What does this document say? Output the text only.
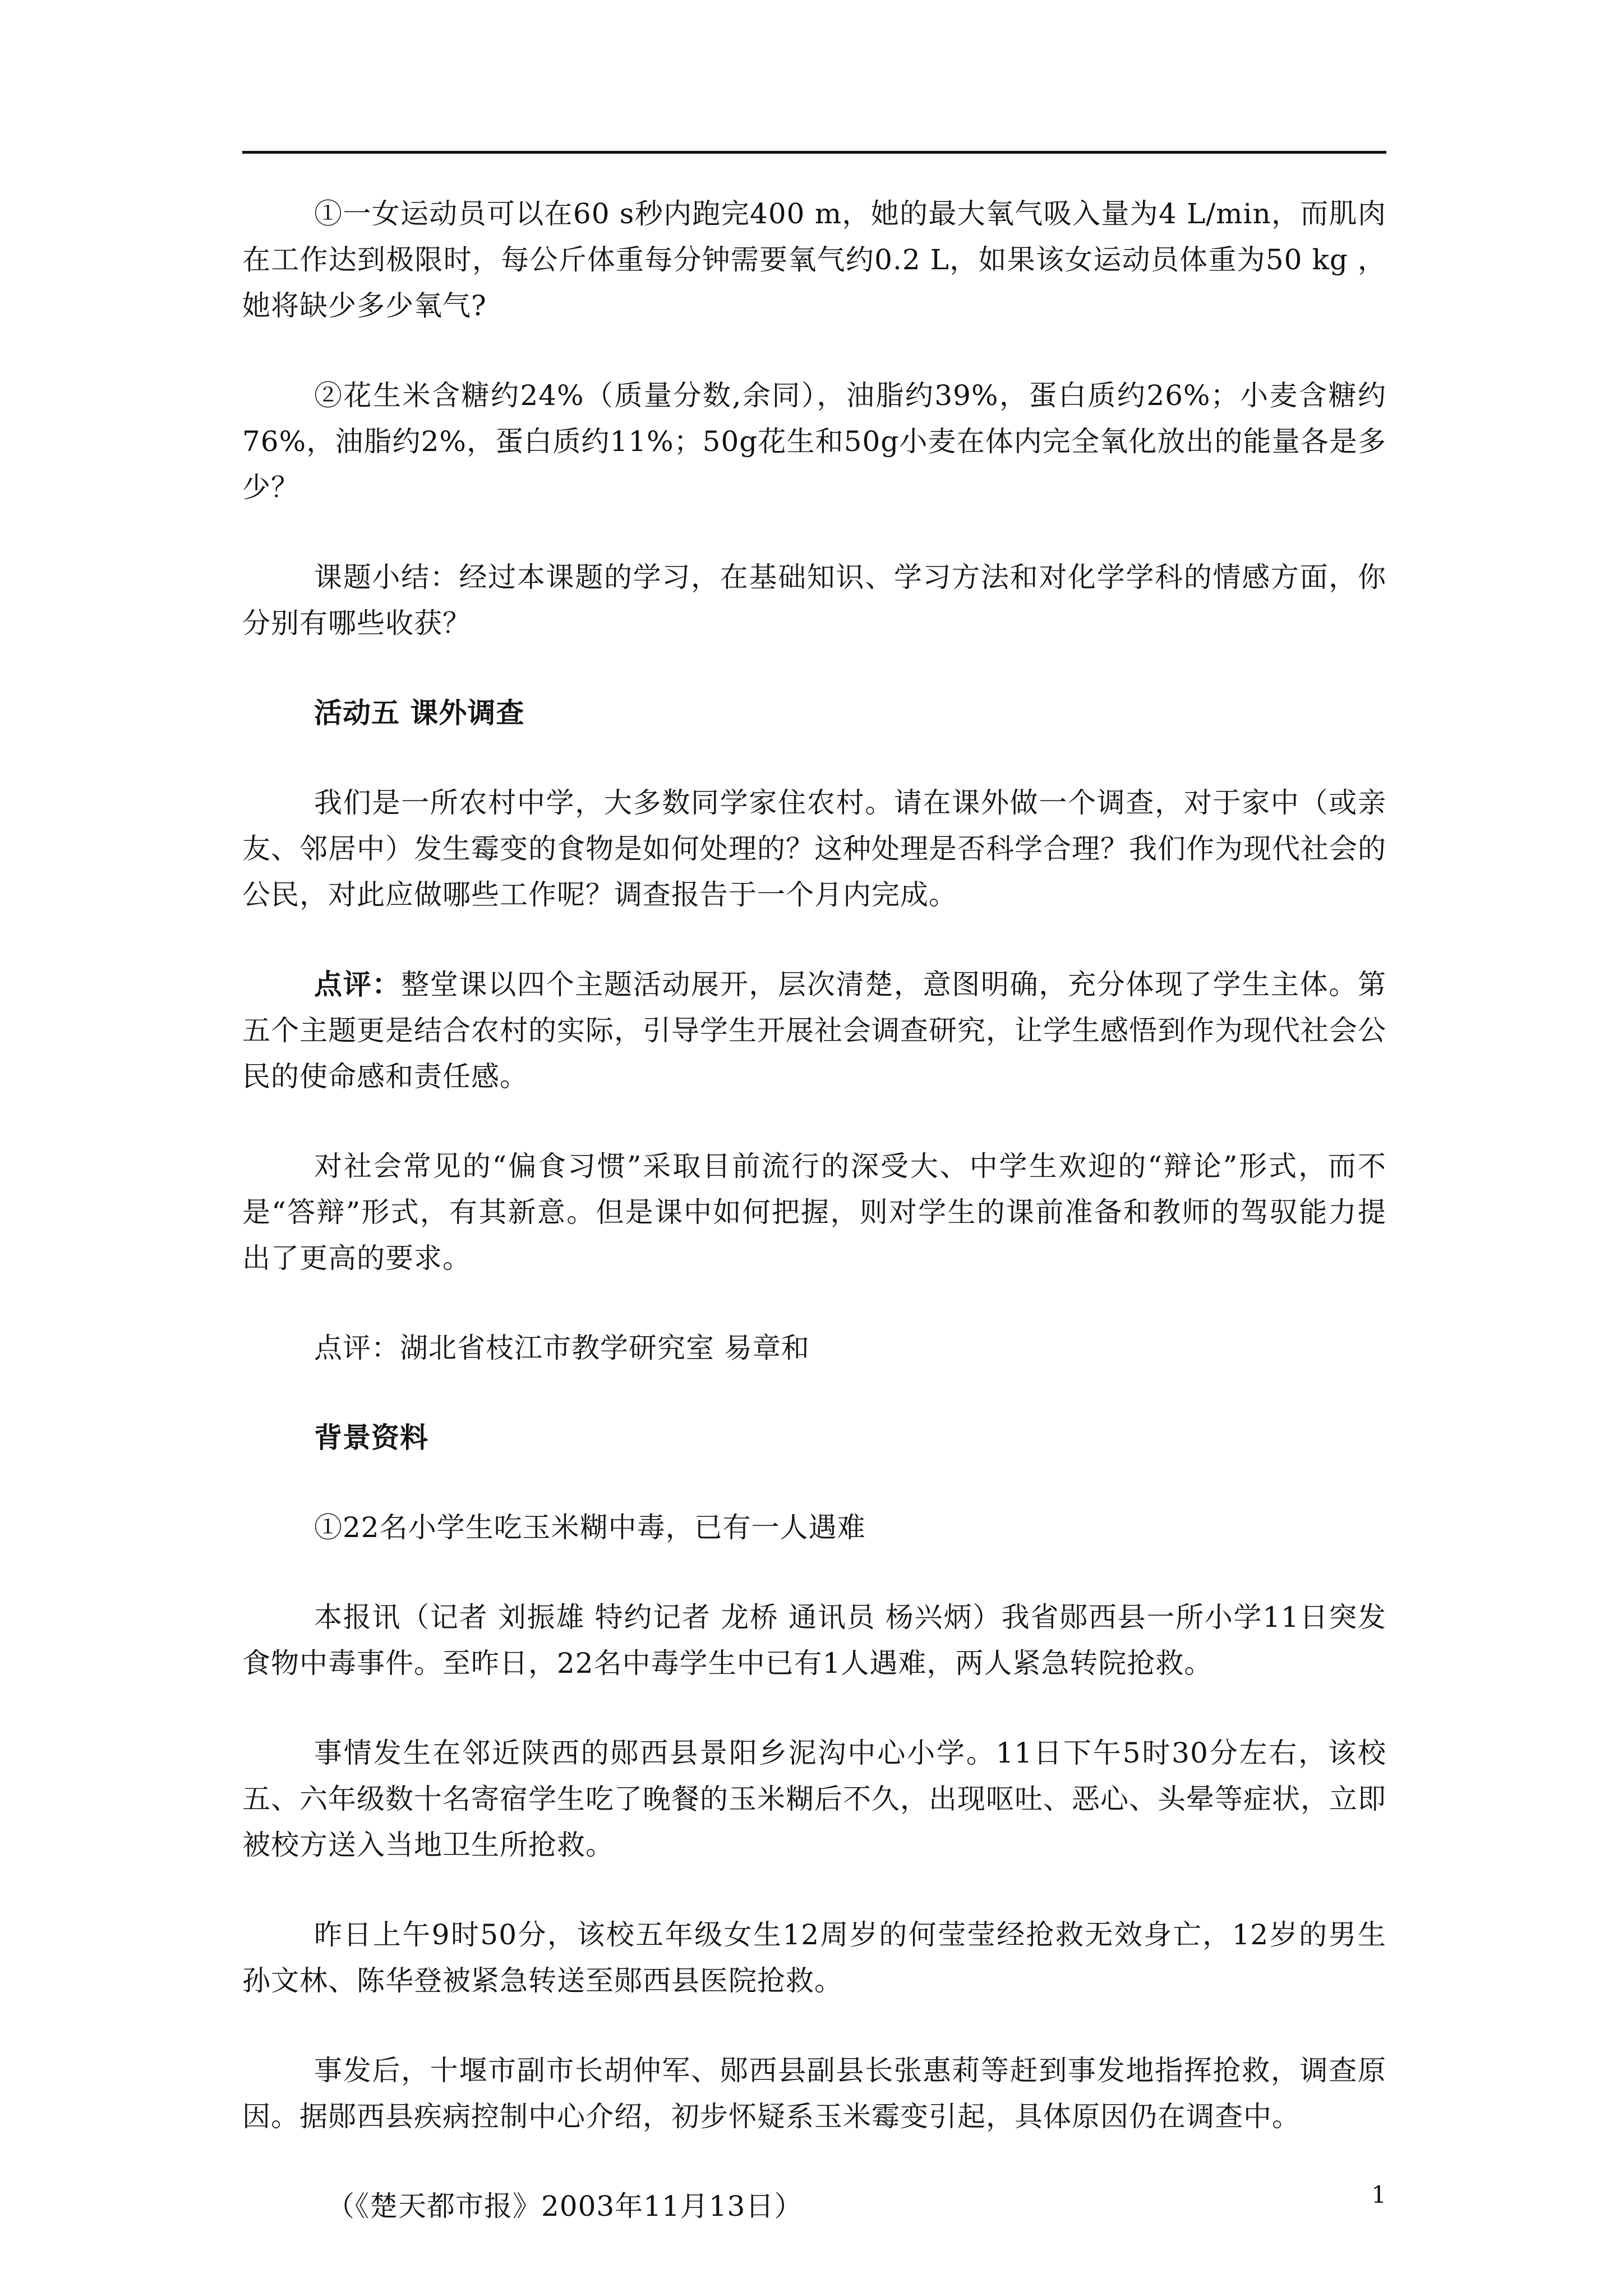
①一女运动员可以在60 s秒内跑完400 m，她的最大氧气吸入量为4 L/min，而肌肉在工作达到极限时，每公斤体重每分钟需要氧气约0.2 L，如果该女运动员体重为50 kg ，她将缺少多少氧气?

②花生米含糖约24%（质量分数,余同），油脂约39%，蛋白质约26%；小麦含糖约76%，油脂约2%，蛋白质约11%；50g花生和50g小麦在体内完全氧化放出的能量各是多少？

课题小结：经过本课题的学习，在基础知识、学习方法和对化学学科的情感方面，你分别有哪些收获？

活动五 课外调查

我们是一所农村中学，大多数同学家住农村。请在课外做一个调查，对于家中（或亲友、邻居中）发生霉变的食物是如何处理的？这种处理是否科学合理？我们作为现代社会的公民，对此应做哪些工作呢？调查报告于一个月内完成。

点评：整堂课以四个主题活动展开，层次清楚，意图明确，充分体现了学生主体。第五个主题更是结合农村的实际，引导学生开展社会调查研究，让学生感悟到作为现代社会公民的使命感和责任感。

对社会常见的“偏食习惯”采取目前流行的深受大、中学生欢迎的“辩论”形式，而不是“答辩”形式，有其新意。但是课中如何把握，则对学生的课前准备和教师的驾驭能力提出了更高的要求。

点评：湖北省枝江市教学研究室 易章和

背景资料

①22名小学生吃玉米糊中毒，已有一人遇难

本报讯（记者 刘振雄 特约记者 龙桥 通讯员 杨兴炳）我省郧西县一所小学11日突发食物中毒事件。至昨日，22名中毒学生中已有1人遇难，两人紧急转院抢救。

事情发生在邻近陕西的郧西县景阳乡泥沟中心小学。11日下午5时30分左右，该校五、六年级数十名寄宿学生吃了晚餐的玉米糊后不久，出现呕吐、恶心、头晕等症状，立即被校方送入当地卫生所抢救。

昨日上午9时50分，该校五年级女生12周岁的何莹莹经抢救无效身亡，12岁的男生孙文林、陈华登被紧急转送至郧西县医院抢救。

事发后，十堰市副市长胡仲军、郧西县副县长张惠莉等赶到事发地指挥抢救，调查原因。据郧西县疾病控制中心介绍，初步怀疑系玉米霉变引起，具体原因仍在调查中。

（《楚天都市报》2003年11月13日）	1
